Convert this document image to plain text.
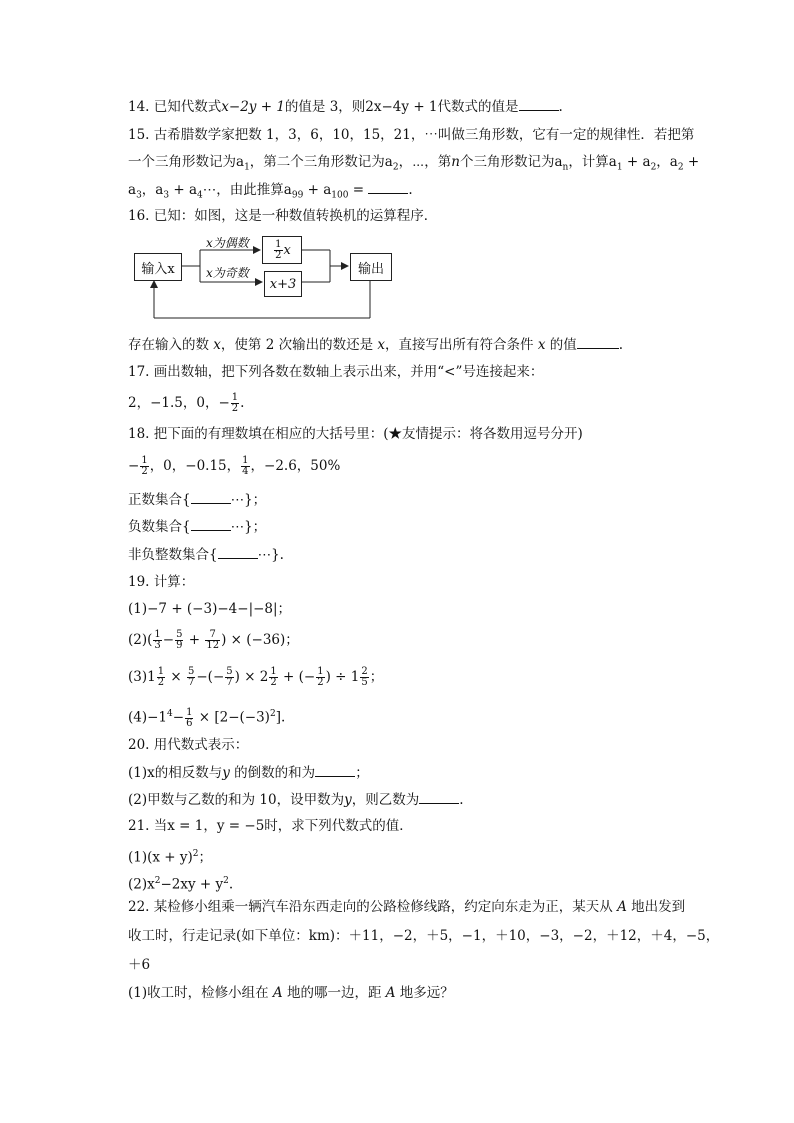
14. 已知代数式x−2y + 1的值是 3，则2x−4y + 1代数式的值是	.
15. 古希腊数学家把数 1，3，6，10，15，21，⋯叫做三角形数，它有一定的规律性．若把第
一个三角形数记为$a_1$，第二个三角形数记为$a_2$，⋯，第n个三角形数记为$a_n$，计算$a_1 + a_2$，$a_2$ +
$a_3$，$a_3$ + $a_4\cdots$，由此推算$a_{99} + a_{100}$ =	.
16. 已知：如图，这是一种数值转换机的运算程序．
输入x
x为偶数
x为奇数
$\frac{1}{2}$ x
x+3
输出
存在输入的数 x，使第 2 次输出的数还是 x，直接写出所有符合条件 x 的值	.
17. 画出数轴，把下列各数在数轴上表示出来，并用“<”号连接起来：
2，−1.5，0，− $\frac{1}{2}$ .
18. 把下面的有理数填在相应的大括号里：(★友情提示：将各数用逗号分开)
− $\frac{1}{2}$ ，0，−0.15， $\frac{1}{4}$ ，−2.6，50%
正数集合{	⋯}；
负数集合{	⋯}；
非负整数集合{	⋯}.
19. 计算：
(1)−7 + (−3)−4−|−8|；
$(2)( \frac{1}{3} - \frac{5}{9} + \frac{7}{12}$ ) × (−36)；
$(3)1 \frac{1}{2} \times \frac{5}{7}$ −(− $\frac{5}{7}$ ) × $2 \frac{1}{2}$ + (− $\frac{1}{2}$ ) ÷ $1 \frac{2}{5}$ ；
$(4)-1^4- \frac{1}{6} \times [2-(-3)^2]$.
20. 用代数式表示：
(1)x的相反数与y 的倒数的和为	；
(2)甲数与乙数的和为 10，设甲数为y，则乙数为	.
21. 当x = 1，y = −5时，求下列代数式的值．
$(1)(x + y)^2$；
$(2)x^2-2xy + y^2$.
22. 某检修小组乘一辆汽车沿东西走向的公路检修线路，约定向东走为正，某天从 A 地出发到
收工时，行走记录(如下单位：km)：＋11，−2，＋5，−1，＋10，−3，−2，＋12，＋4，−5，
＋6
(1)收工时，检修小组在 A 地的哪一边，距 A 地多远？
